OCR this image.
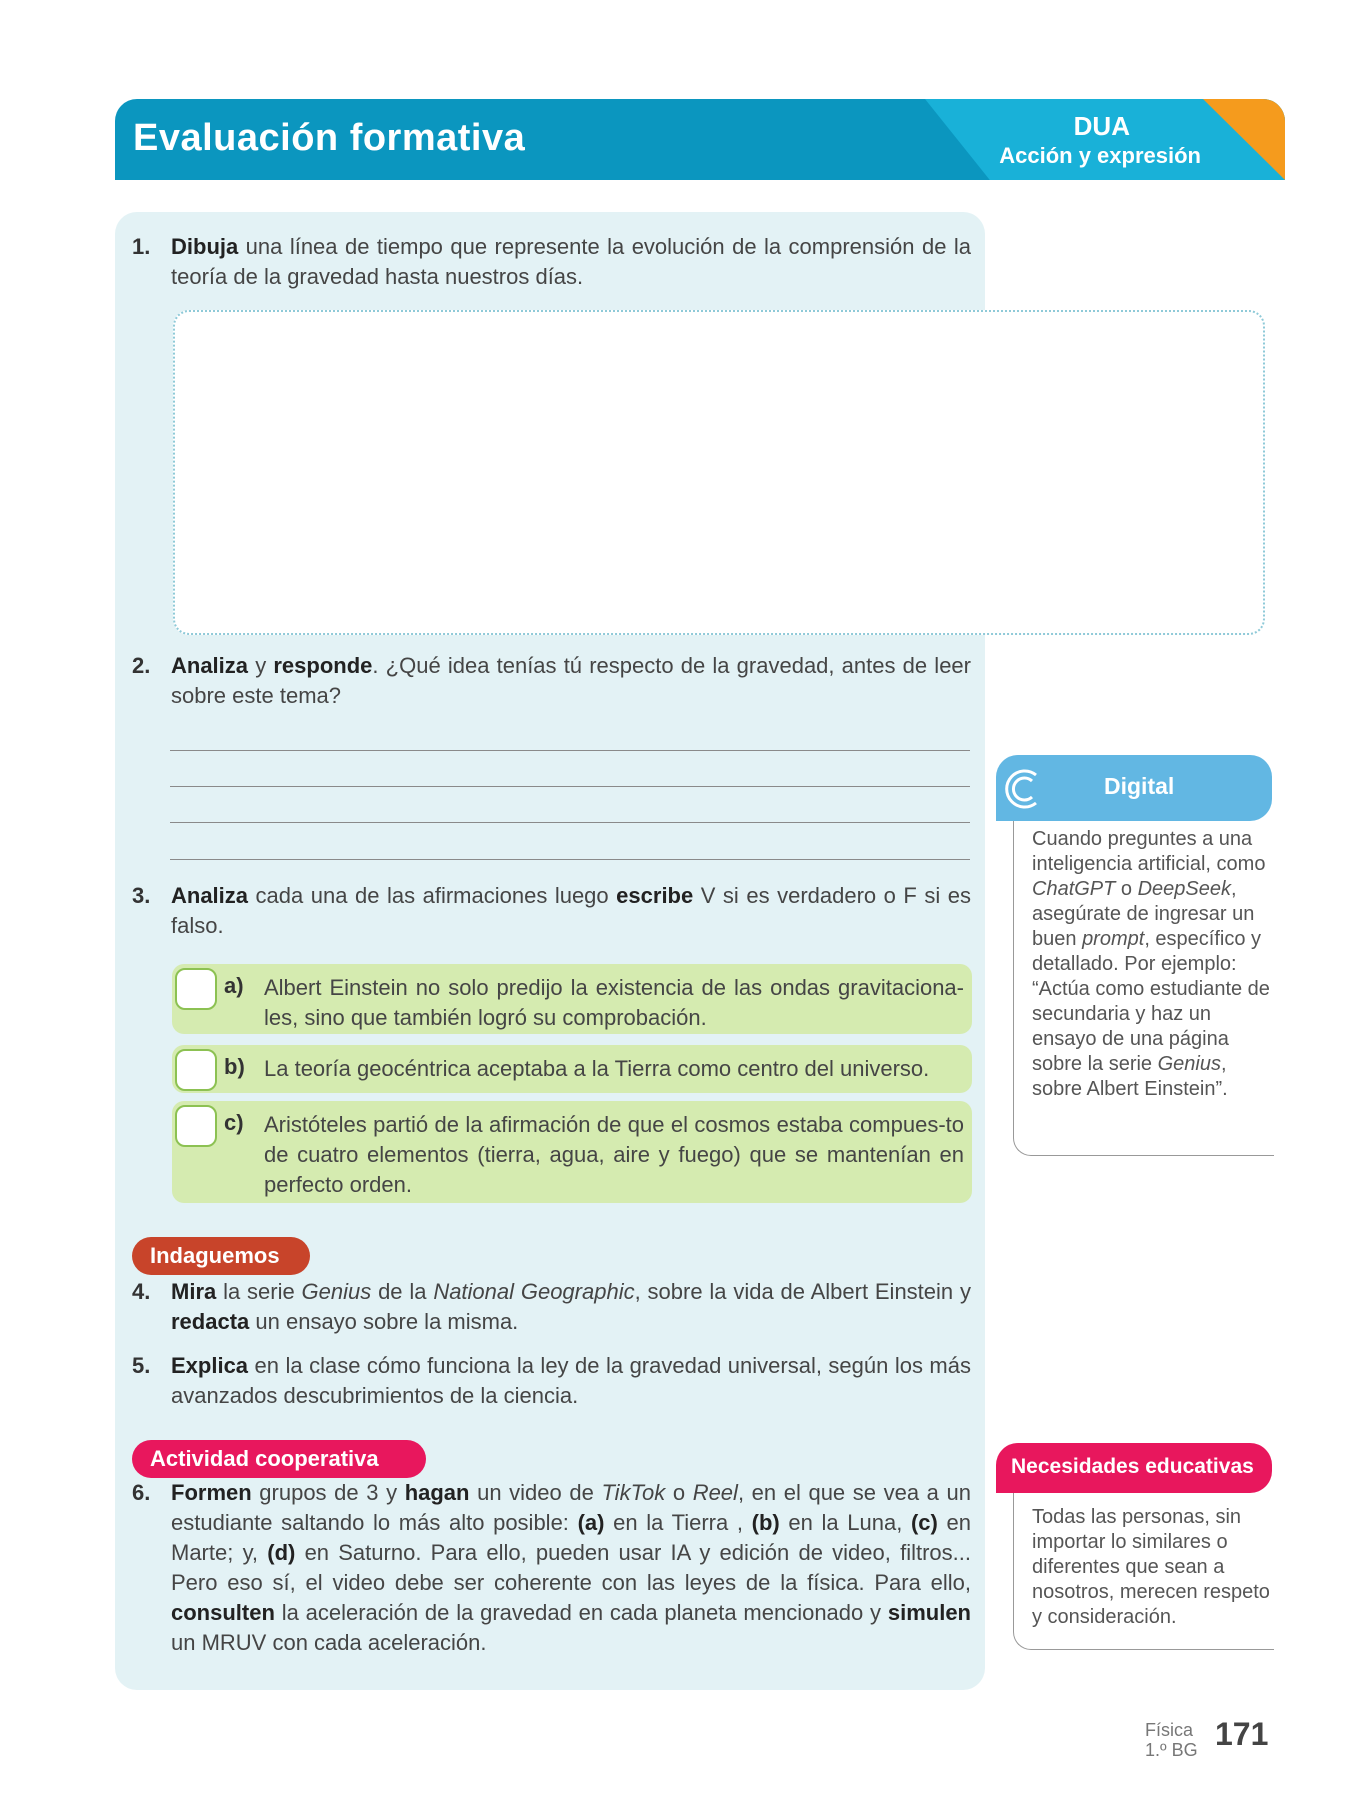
Evaluación formativa	DUA
Acción y expresión
1. Dibuja una línea de tiempo que represente la evolución de la comprensión de la teoría de la gravedad hasta nuestros días.
2. Analiza y responde. ¿Qué idea tenías tú respecto de la gravedad, antes de leer sobre este tema?
3. Analiza cada una de las afirmaciones luego escribe V si es verdadero o F si es falso.
a) Albert Einstein no solo predijo la existencia de las ondas gravitaciona-les, sino que también logró su comprobación.
b) La teoría geocéntrica aceptaba a la Tierra como centro del universo.
c) Aristóteles partió de la afirmación de que el cosmos estaba compues-to de cuatro elementos (tierra, agua, aire y fuego) que se mantenían en perfecto orden.
Indaguemos
4. Mira la serie Genius de la National Geographic, sobre la vida de Albert Einstein y redacta un ensayo sobre la misma.
5. Explica en la clase cómo funciona la ley de la gravedad universal, según los más avanzados descubrimientos de la ciencia.
Actividad cooperativa
6. Formen grupos de 3 y hagan un video de TikTok o Reel, en el que se vea a un estudiante saltando lo más alto posible: (a) en la Tierra , (b) en la Luna, (c) en Marte; y, (d) en Saturno. Para ello, pueden usar IA y edición de video, filtros... Pero eso sí, el video debe ser coherente con las leyes de la física. Para ello, consulten la aceleración de la gravedad en cada planeta mencionado y simulen un MRUV con cada aceleración.
Digital
Cuando preguntes a una inteligencia artificial, como ChatGPT o DeepSeek, asegúrate de ingresar un buen prompt, específico y detallado. Por ejemplo: “Actúa como estudiante de secundaria y haz un ensayo de una página sobre la serie Genius, sobre Albert Einstein”.
Necesidades educativas
Todas las personas, sin importar lo similares o diferentes que sean a nosotros, merecen respeto y consideración.
Física
1.º BG 171
